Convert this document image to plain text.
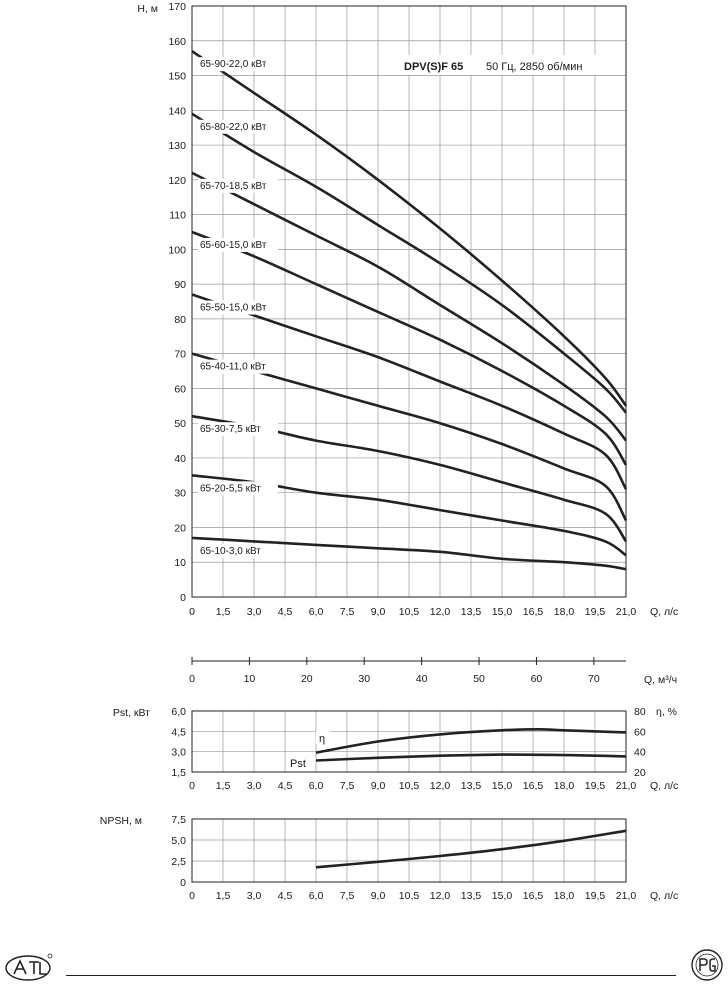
0
10
20
30
40
50
60
70
80
90
100
110
120
130
140
150
160
170
0 1,5 3,0 4,5 6,0 7,5 9,0 10,5 12,0 13,5 15,0 16,5 18,0 19,5 21,0
H, м
Q, л/с
DPV(S)F 65 50 Гц, 2850 об/мин
65-90-22,0 кВт
65-80-22,0 кВт
65-70-18,5 кВт
65-60-15,0 кВт
65-50-15,0 кВт
65-40-11,0 кВт
65-30-7,5 кВт
65-20-5,5 кВт
65-10-3,0 кВт
0	10	20	30	40	50	60	70	Q, м³/ч
1,5
3,0
4,5
6,0
20
40
60
80
0 1,5 3,0 4,5 6,0 7,5 9,0 10,5 12,0 13,5 15,0 16,5 18,0 19,5 21,0
Pst, кВт	η, %
Q, л/с
η
Pst
0
2,5
5,0
7,5
0 1,5 3,0 4,5 6,0 7,5 9,0 10,5 12,0 13,5 15,0 16,5 18,0 19,5 21,0
NPSH, м
Q, л/с
